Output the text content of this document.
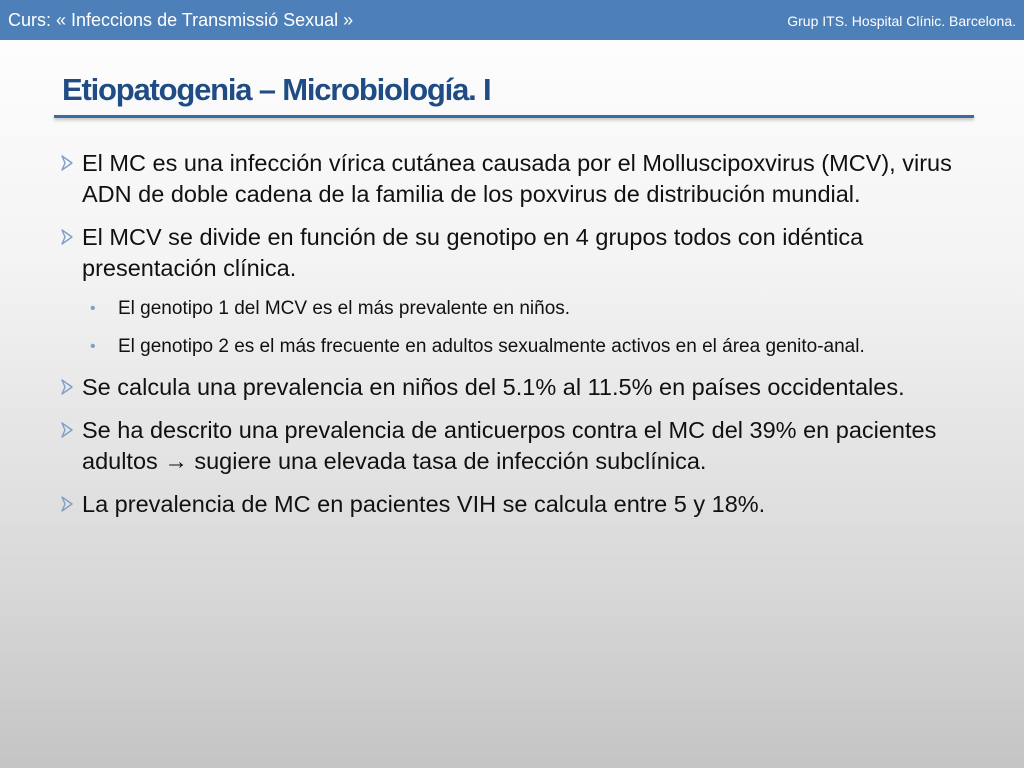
Curs: « Infeccions de Transmissió Sexual »	Grup ITS. Hospital Clínic. Barcelona.
Etiopatogenia – Microbiología. I
El MC es una infección vírica cutánea causada por el Molluscipoxvirus (MCV), virus ADN de doble cadena de la familia de los poxvirus de distribución mundial.
El MCV se divide en función de su genotipo en 4 grupos todos con idéntica presentación clínica.
• El genotipo 1 del MCV es el más prevalente en niños.
• El genotipo 2 es el más frecuente en adultos sexualmente activos en el área genito-anal.
Se calcula una prevalencia en niños del 5.1% al 11.5% en países occidentales.
Se ha descrito una prevalencia de anticuerpos contra el MC del 39% en pacientes adultos → sugiere una elevada tasa de infección subclínica.
La prevalencia de MC en pacientes VIH se calcula entre 5 y 18%.
